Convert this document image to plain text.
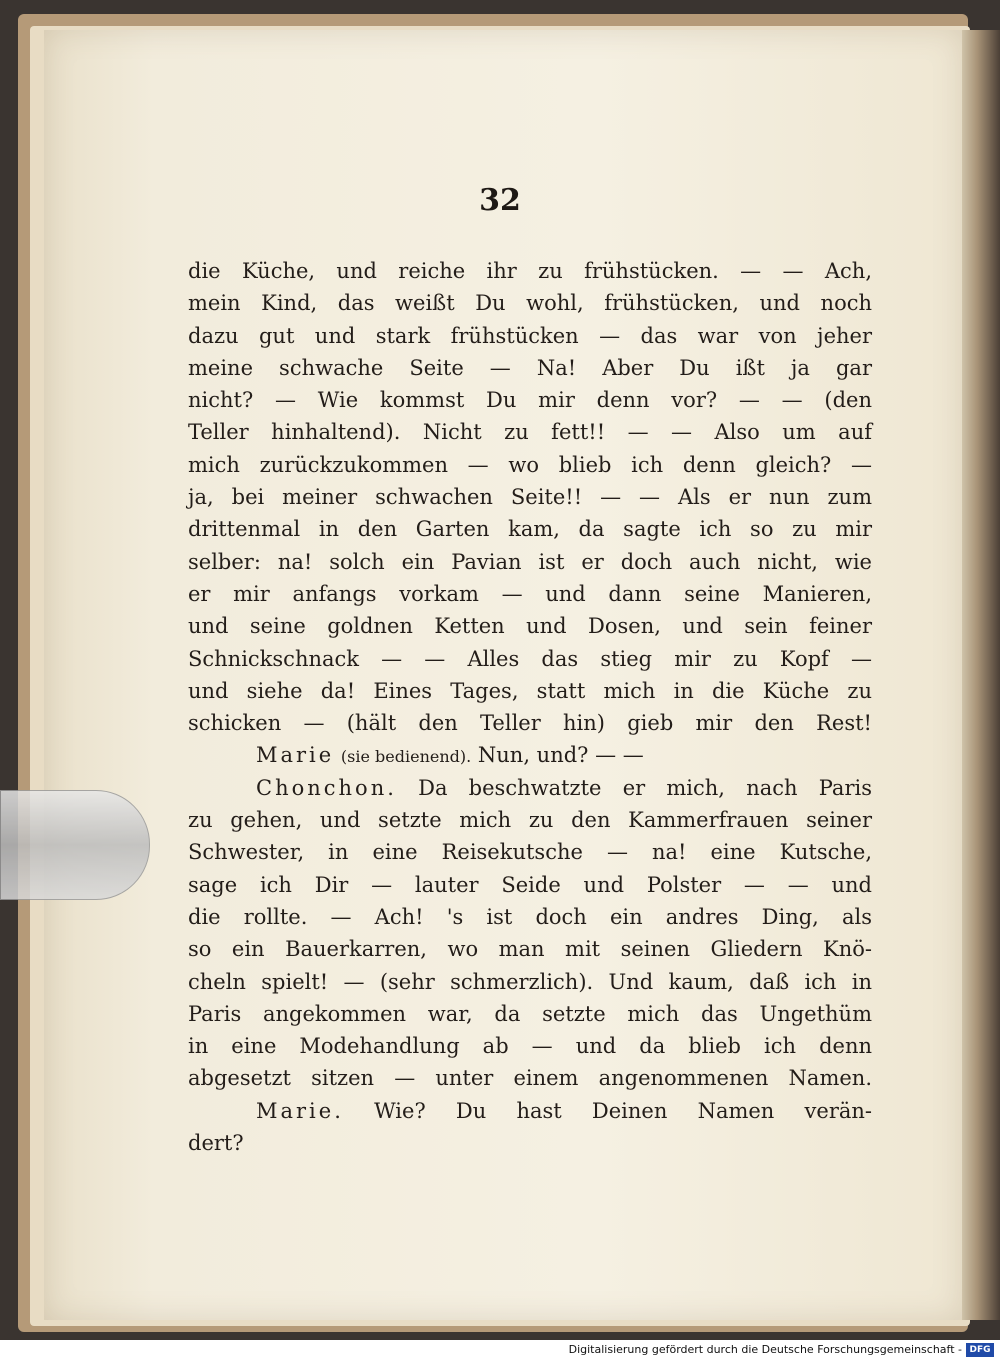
32
die Küche, und reiche ihr zu frühstücken. — — Ach,
mein Kind, das weißt Du wohl, frühstücken, und noch
dazu gut und stark frühstücken — das war von jeher
meine schwache Seite — Na! Aber Du ißt ja gar
nicht? — Wie kommst Du mir denn vor? — — (den
Teller hinhaltend). Nicht zu fett!! — — Also um auf
mich zurückzukommen — wo blieb ich denn gleich? —
ja, bei meiner schwachen Seite!! — — Als er nun zum
drittenmal in den Garten kam, da sagte ich so zu mir
selber: na! solch ein Pavian ist er doch auch nicht, wie
er mir anfangs vorkam — und dann seine Manieren,
und seine goldnen Ketten und Dosen, und sein feiner
Schnickschnack — — Alles das stieg mir zu Kopf —
und siehe da! Eines Tages, statt mich in die Küche zu
schicken — (hält den Teller hin) gieb mir den Rest!
Marie (sie bedienend). Nun, und? — —
Chonchon. Da beschwatzte er mich, nach Paris
zu gehen, und setzte mich zu den Kammerfrauen seiner
Schwester, in eine Reisekutsche — na! eine Kutsche,
sage ich Dir — lauter Seide und Polster — — und
die rollte. — Ach! 's ist doch ein andres Ding, als
so ein Bauerkarren, wo man mit seinen Gliedern Knö-
cheln spielt! — (sehr schmerzlich). Und kaum, daß ich in
Paris angekommen war, da setzte mich das Ungethüm
in eine Modehandlung ab — und da blieb ich denn
abgesetzt sitzen — unter einem angenommenen Namen.
Marie. Wie? Du hast Deinen Namen verän-
dert?
Digitalisierung gefördert durch die Deutsche Forschungsgemeinschaft - DFG
